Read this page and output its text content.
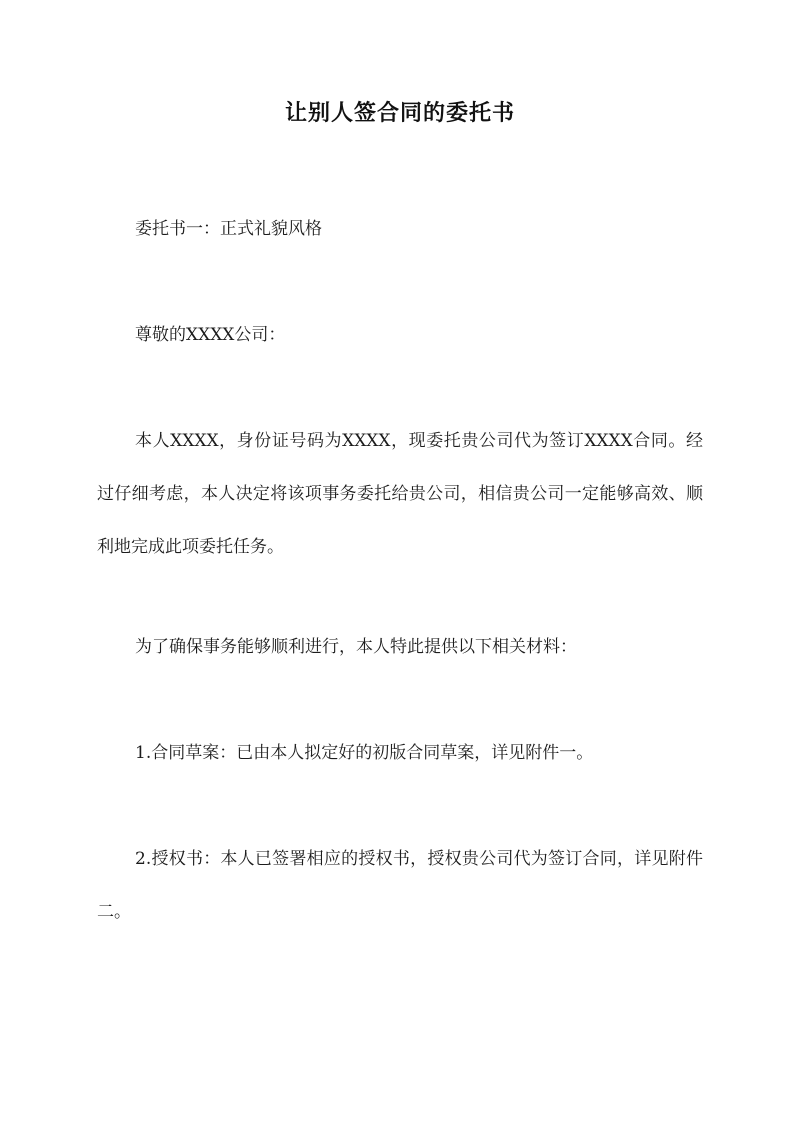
让别人签合同的委托书
委托书一：正式礼貌风格
尊敬的XXXX公司：
本人XXXX，身份证号码为XXXX，现委托贵公司代为签订XXXX合同。经过仔细考虑，本人决定将该项事务委托给贵公司，相信贵公司一定能够高效、顺利地完成此项委托任务。
为了确保事务能够顺利进行，本人特此提供以下相关材料：
1.合同草案：已由本人拟定好的初版合同草案，详见附件一。
2.授权书：本人已签署相应的授权书，授权贵公司代为签订合同，详见附件二。
